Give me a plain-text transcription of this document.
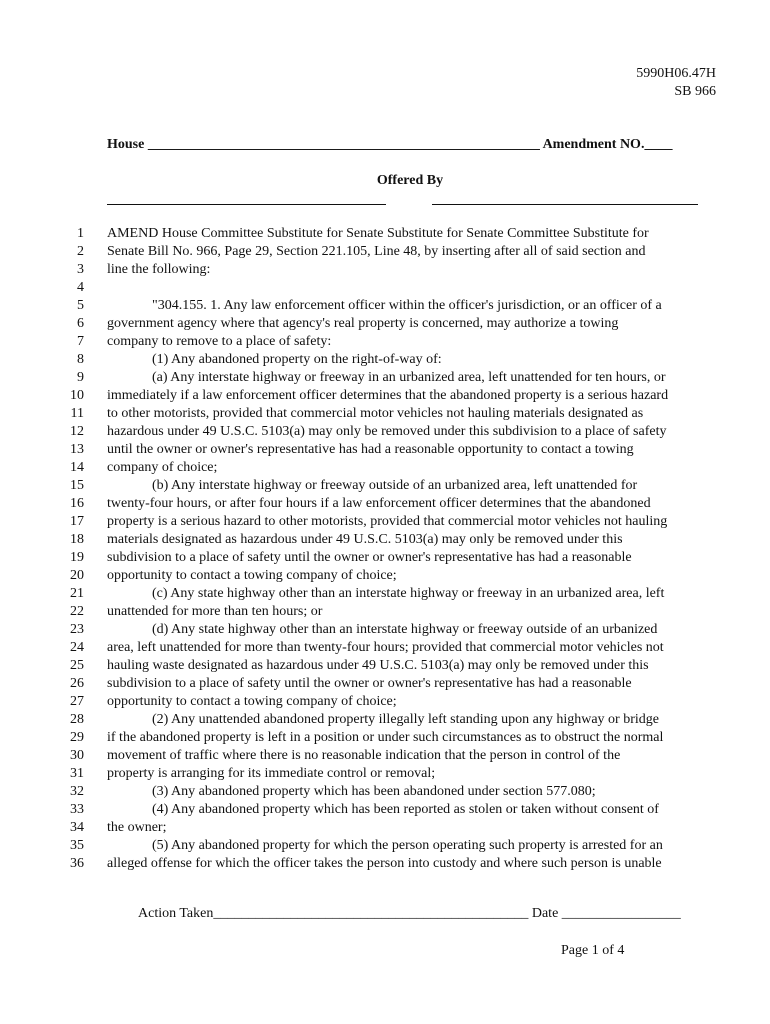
5990H06.47H
SB 966
House ________________________________________________________ Amendment NO.____
Offered By
1 AMEND House Committee Substitute for Senate Substitute for Senate Committee Substitute for
2 Senate Bill No. 966, Page 29, Section 221.105, Line 48, by inserting after all of said section and
3 line the following:
4
5	"304.155. 1. Any law enforcement officer within the officer's jurisdiction, or an officer of a
6 government agency where that agency's real property is concerned, may authorize a towing
7 company to remove to a place of safety:
8	(1) Any abandoned property on the right-of-way of:
9	(a) Any interstate highway or freeway in an urbanized area, left unattended for ten hours, or
10 immediately if a law enforcement officer determines that the abandoned property is a serious hazard
11 to other motorists, provided that commercial motor vehicles not hauling materials designated as
12 hazardous under 49 U.S.C. 5103(a) may only be removed under this subdivision to a place of safety
13 until the owner or owner's representative has had a reasonable opportunity to contact a towing
14 company of choice;
15	(b) Any interstate highway or freeway outside of an urbanized area, left unattended for
16 twenty-four hours, or after four hours if a law enforcement officer determines that the abandoned
17 property is a serious hazard to other motorists, provided that commercial motor vehicles not hauling
18 materials designated as hazardous under 49 U.S.C. 5103(a) may only be removed under this
19 subdivision to a place of safety until the owner or owner's representative has had a reasonable
20 opportunity to contact a towing company of choice;
21	(c) Any state highway other than an interstate highway or freeway in an urbanized area, left
22 unattended for more than ten hours; or
23	(d) Any state highway other than an interstate highway or freeway outside of an urbanized
24 area, left unattended for more than twenty-four hours; provided that commercial motor vehicles not
25 hauling waste designated as hazardous under 49 U.S.C. 5103(a) may only be removed under this
26 subdivision to a place of safety until the owner or owner's representative has had a reasonable
27 opportunity to contact a towing company of choice;
28	(2) Any unattended abandoned property illegally left standing upon any highway or bridge
29 if the abandoned property is left in a position or under such circumstances as to obstruct the normal
30 movement of traffic where there is no reasonable indication that the person in control of the
31 property is arranging for its immediate control or removal;
32	(3) Any abandoned property which has been abandoned under section 577.080;
33	(4) Any abandoned property which has been reported as stolen or taken without consent of
34 the owner;
35	(5) Any abandoned property for which the person operating such property is arrested for an
36 alleged offense for which the officer takes the person into custody and where such person is unable
Action Taken_____________________________________________ Date _________________
Page 1 of 4
